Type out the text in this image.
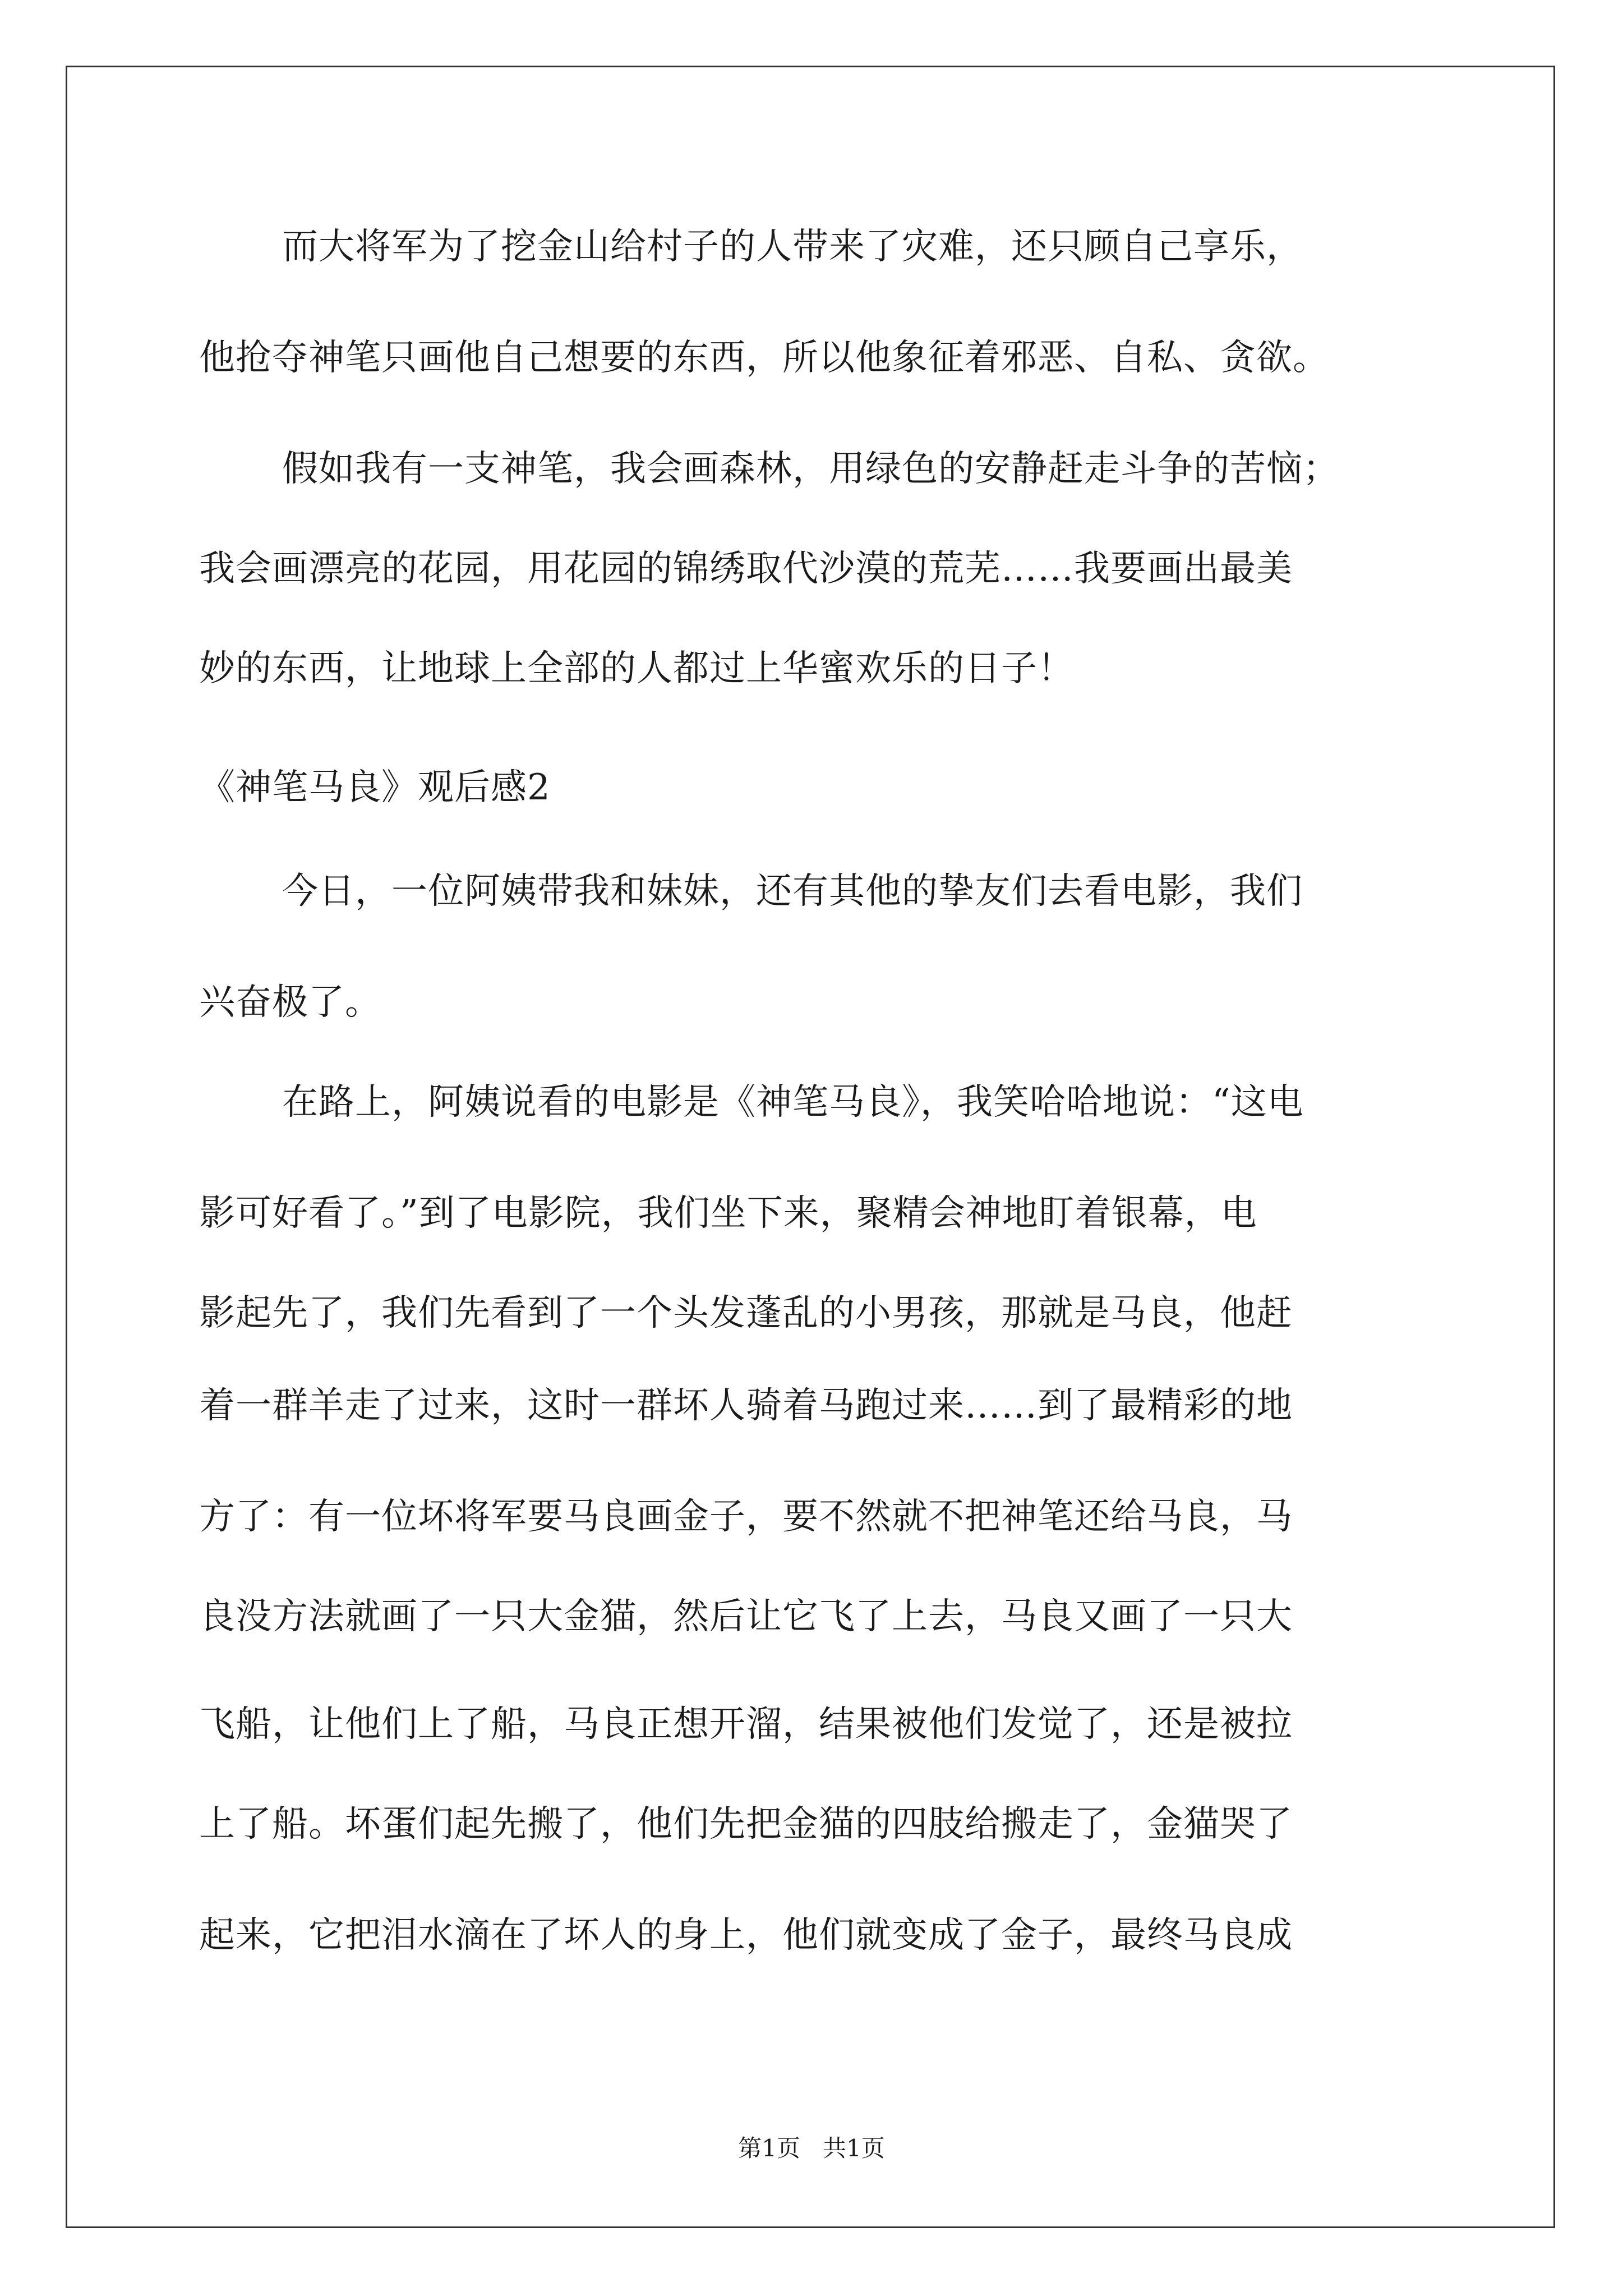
而大将军为了挖金山给村子的人带来了灾难，还只顾自己享乐，
他抢夺神笔只画他自己想要的东西，所以他象征着邪恶、自私、贪欲。
假如我有一支神笔，我会画森林，用绿色的安静赶走斗争的苦恼；
我会画漂亮的花园，用花园的锦绣取代沙漠的荒芜……我要画出最美
妙的东西，让地球上全部的人都过上华蜜欢乐的日子！
《神笔马良》观后感2
今日，一位阿姨带我和妹妹，还有其他的挚友们去看电影，我们
兴奋极了。
在路上，阿姨说看的电影是《神笔马良》，我笑哈哈地说：“这电
影可好看了。”到了电影院，我们坐下来，聚精会神地盯着银幕，电
影起先了，我们先看到了一个头发蓬乱的小男孩，那就是马良，他赶
着一群羊走了过来，这时一群坏人骑着马跑过来……到了最精彩的地
方了：有一位坏将军要马良画金子，要不然就不把神笔还给马良，马
良没方法就画了一只大金猫，然后让它飞了上去，马良又画了一只大
飞船，让他们上了船，马良正想开溜，结果被他们发觉了，还是被拉
上了船。坏蛋们起先搬了，他们先把金猫的四肢给搬走了，金猫哭了
起来，它把泪水滴在了坏人的身上，他们就变成了金子，最终马良成
第1页   共1页
